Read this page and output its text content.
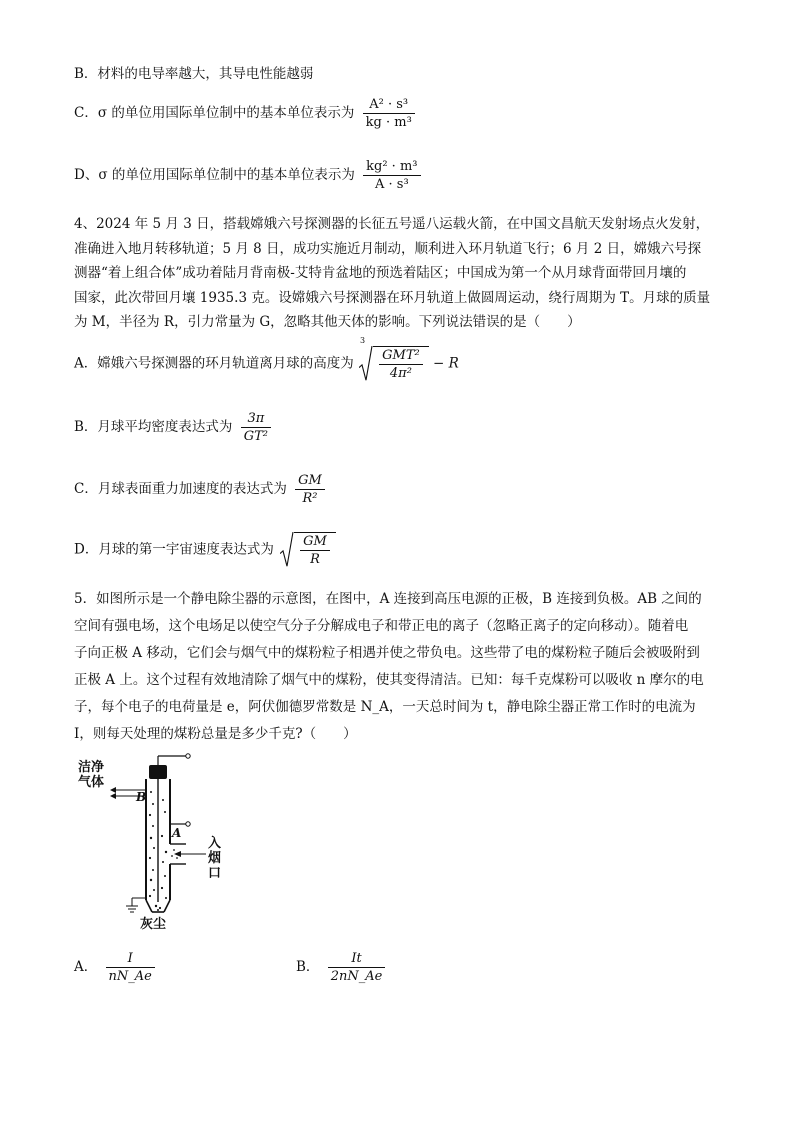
B．材料的电导率越大，其导电性能越弱
C．σ 的单位用国际单位制中的基本单位表示为 $\frac{\text{A² · s³}}{\text{kg · m³}}$
D、σ 的单位用国际单位制中的基本单位表示为 $\frac{\text{kg² · m³}}{\text{A · s³}}$
4、2024 年 5 月 3 日，搭载嫦娥六号探测器的长征五号遥八运载火箭，在中国文昌航天发射场点火发射，
准确进入地月转移轨道；5 月 8 日，成功实施近月制动，顺利进入环月轨道飞行；6 月 2 日，嫦娥六号探
测器“着上组合体”成功着陆月背南极-艾特肯盆地的预选着陆区；中国成为第一个从月球背面带回月壤的
国家，此次带回月壤 1935.3 克。设嫦娥六号探测器在环月轨道上做圆周运动，绕行周期为 T。月球的质量
为 M，半径为 R，引力常量为 G，忽略其他天体的影响。下列说法错误的是（　　）
A．嫦娥六号探测器的环月轨道离月球的高度为
3
$\frac{\text{GMT²}}{\text{4π²}} - R$
B．月球平均密度表达式为 $\frac{3\pi}{\text{GT²}}$
C．月球表面重力加速度的表达式为 $\frac{GM}{\text{R²}}$
D．月球的第一宇宙速度表达式为 $\frac{GM}{R}$
5．如图所示是一个静电除尘器的示意图，在图中，A 连接到高压电源的正极，B 连接到负极。AB 之间的
空间有强电场，这个电场足以使空气分子分解成电子和带正电的离子（忽略正离子的定向移动）。随着电
子向正极 A 移动，它们会与烟气中的煤粉粒子相遇并使之带负电。这些带了电的煤粉粒子随后会被吸附到
正极 A 上。这个过程有效地清除了烟气中的煤粉，使其变得清洁。已知：每千克煤粉可以吸收 n 摩尔的电
子，每个电子的电荷量是 e，阿伏伽德罗常数是 N_A，一天总时间为 t，静电除尘器正常工作时的电流为
I，则每天处理的煤粉总量是多少千克?（　　）
洁净
气体
B
A
入
烟
口
灰尘
A． $\frac{I}{nN\_Ae}$	B． $\frac{It}{2nN\_Ae}$
